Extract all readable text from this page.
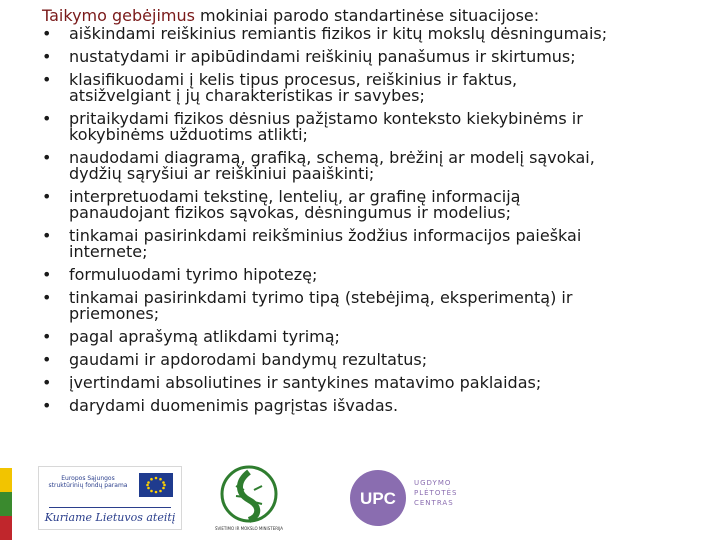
Taikymo gebėjimus mokiniai parodo standartinėse situacijose:
•	aiškindami reiškinius remiantis fizikos ir kitų mokslų dėsningumais;
•	nustatydami ir apibūdindami reiškinių panašumus ir skirtumus;
•	klasifikuodami į kelis tipus procesus, reiškinius ir faktus,
atsižvelgiant į jų charakteristikas ir savybes;
•	pritaikydami fizikos dėsnius pažįstamo konteksto kiekybinėms ir
kokybinėms užduotims atlikti;
•	naudodami diagramą, grafiką, schemą, brėžinį ar modelį sąvokai,
dydžių sąryšiui ar reiškiniui paaiškinti;
•	interpretuodami tekstinę, lentelių, ar grafinę informaciją
panaudojant fizikos sąvokas, dėsningumus ir modelius;
•	tinkamai pasirinkdami reikšminius žodžius informacijos paieškai
internete;
•	formuluodami tyrimo hipotezę;
•	tinkamai pasirinkdami tyrimo tipą (stebėjimą, eksperimentą) ir
priemones;
•	pagal aprašymą atlikdami tyrimą;
•	gaudami ir apdorodami bandymų rezultatus;
•	įvertindami absoliutines ir santykines matavimo paklaidas;
•	darydami duomenimis pagrįstas išvadas.
Europos Sąjungos struktūrinių fondų parama
Kuriame Lietuvos ateitį
ŠVIETIMO IR MOKSLO MINISTERIJA
UPC
UGDYMO
PLĖTOTĖS
CENTRAS
